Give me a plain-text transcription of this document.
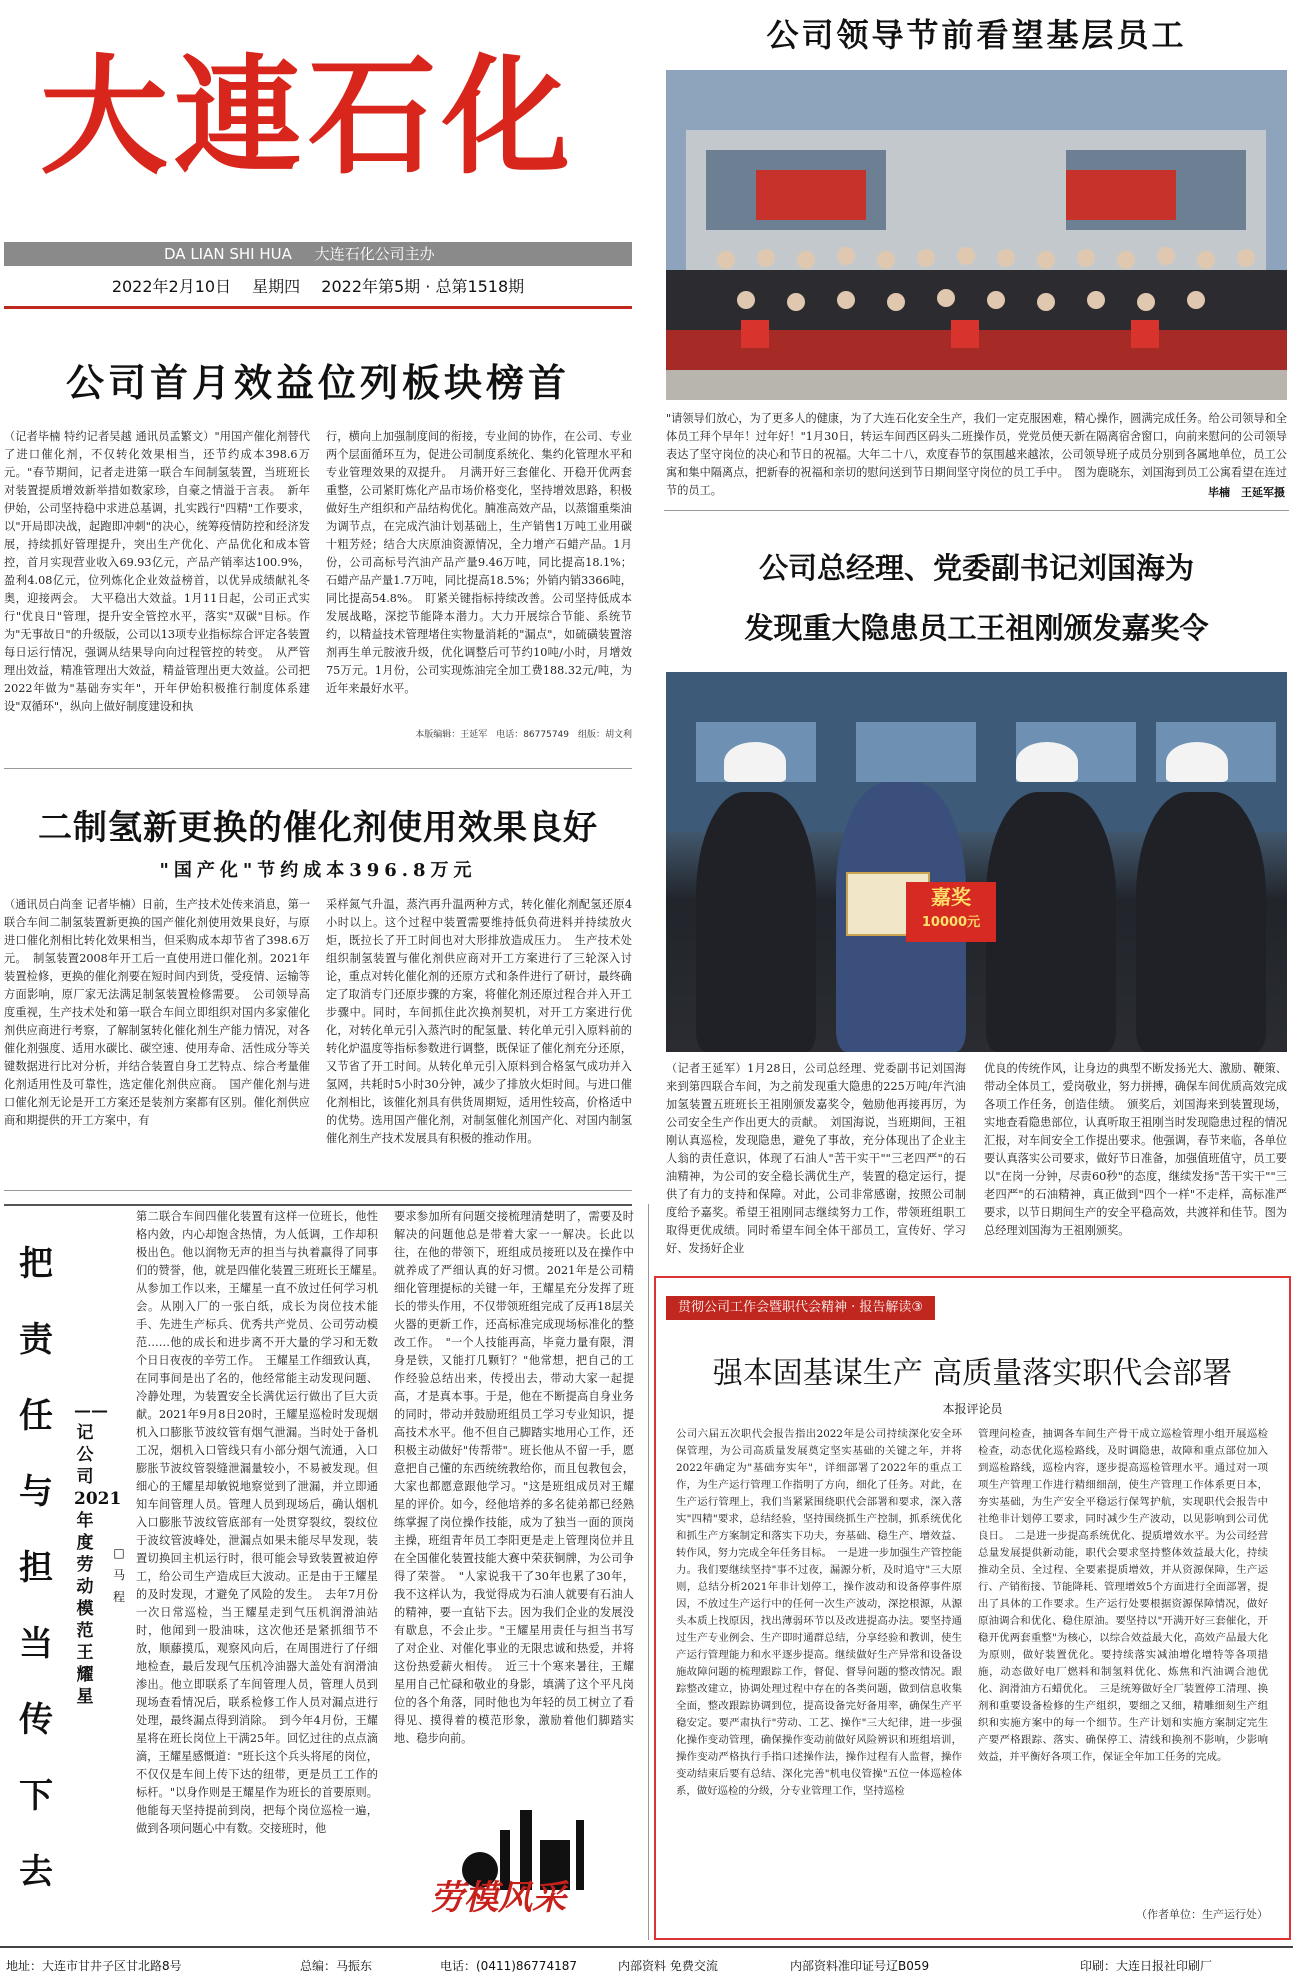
大連石化
DA LIAN SHI HUA 大连石化公司主办
2022年2月10日 星期四 2022年第5期 · 总第1518期
公司首月效益位列板块榜首
（记者毕楠 特约记者吴越 通讯员孟繁文）"用国产催化剂替代了进口催化剂，不仅转化效果相当，还节约成本398.6万元。"春节期间，记者走进第一联合车间制氢装置，当班班长对装置提质增效新举措如数家珍，自豪之情溢于言表。　新年伊始，公司坚持稳中求进总基调，扎实践行"四精"工作要求，以"开局即决战，起跑即冲刺"的决心，统筹疫情防控和经济发展，持续抓好管理提升，突出生产优化、产品优化和成本管控，首月实现营业收入69.93亿元，产品产销率达100.9%，盈利4.08亿元，位列炼化企业效益榜首，以优异成绩献礼冬奥，迎接两会。　大平稳出大效益。1月11日起，公司正式实行"优良日"管理，提升安全管控水平，落实"双碳"目标。作为"无事故日"的升级版，公司以13项专业指标综合评定各装置每日运行情况，强调从结果导向向过程管控的转变。　从严管理出效益，精准管理出大效益，精益管理出更大效益。公司把2022年做为"基础夯实年"，开年伊始积极推行制度体系建设"双循环"，纵向上做好制度建设和执
行，横向上加强制度间的衔接，专业间的协作，在公司、专业两个层面循环互为，促进公司制度系统化、集约化管理水平和专业管理效果的双提升。　月满开好三套催化、开稳开优两套重整，公司紧盯炼化产品市场价格变化，坚持增效思路，积极做好生产组织和产品结构优化。腩准高效产品，以蒸馏重柴油为调节点，在完成汽油计划基础上，生产销售1万吨工业用碳十粗芳烃；结合大庆原油资源情况，全力增产石蜡产品。1月份，公司高标号汽油产品产量9.46万吨，同比提高18.1%；石蜡产品产量1.7万吨，同比提高18.5%；外销内销3366吨，同比提高54.8%。　盯紧关键指标持续改善。公司坚持低成本发展战略，深挖节能降本潜力。大力开展综合节能、系统节约，以精益技术管理堵住实物量消耗的"漏点"，如硫磺装置溶剂再生单元胺液升级，优化调整后可节约10吨/小时，月增效75万元。1月份，公司实现炼油完全加工费188.32元/吨，为近年来最好水平。
本版编辑：王延军　电话：86775749　组版：胡文利
二制氢新更换的催化剂使用效果良好
"国产化"节约成本396.8万元
（通讯员白尚奎 记者毕楠）日前，生产技术处传来消息，第一联合车间二制氢装置新更换的国产催化剂使用效果良好，与原进口催化剂相比转化效果相当，但采购成本却节省了398.6万元。　制氢装置2008年开工后一直使用进口催化剂。2021年装置检修，更换的催化剂要在短时间内到货，受疫情、运输等方面影响，原厂家无法满足制氢装置检修需要。　公司领导高度重视，生产技术处和第一联合车间立即组织对国内多家催化剂供应商进行考察，了解制氢转化催化剂生产能力情况，对各催化剂强度、适用水碳比、碳空速、使用寿命、活性成分等关键数据进行比对分析，并结合装置自身工艺特点、综合考量催化剂适用性及可靠性，选定催化剂供应商。　国产催化剂与进口催化剂无论是开工方案还是装剂方案都有区别。催化剂供应商和期提供的开工方案中，有
采样氮气升温，蒸汽再升温两种方式，转化催化剂配氢还原4小时以上。这个过程中装置需要维持低负荷进料并持续放火炬，既拉长了开工时间也对大形排放造成压力。　生产技术处组织制氢装置与催化剂供应商对开工方案进行了三轮深入讨论，重点对转化催化剂的还原方式和条件进行了研讨，最终确定了取消专门还原步骤的方案，将催化剂还原过程合并入开工步骤中。同时，车间抓住此次换剂契机，对开工方案进行优化，对转化单元引入蒸汽时的配氢量、转化单元引入原料前的转化炉温度等指标参数进行调整，既保证了催化剂充分还原，又节省了开工时间。从转化单元引入原料到合格氢气成功并入氢网，共耗时5小时30分钟，减少了排放火炬时间。与进口催化剂相比，该催化剂具有供货周期短，适用性较高，价格适中的优势。选用国产催化剂，对制氢催化剂国产化、对国内制氢催化剂生产技术发展具有积极的推动作用。
公司领导节前看望基层员工
"请领导们放心，为了更多人的健康，为了大连石化安全生产，我们一定克服困难，精心操作，圆满完成任务。给公司领导和全体员工拜个早年！过年好！"1月30日，转运车间西区码头二班操作员，党党员便天新在隔离宿舍窗口，向前来慰问的公司领导表达了坚守岗位的决心和节日的祝福。大年二十八，欢度春节的氛围越来越浓，公司领导班子成员分别到各属地单位，员工公寓和集中隔离点，把新春的祝福和亲切的慰问送到节日期间坚守岗位的员工手中。　图为鹿晓东，刘国海到员工公寓看望在连过节的员工。	毕楠　王延军摄
公司总经理、党委副书记刘国海为
发现重大隐患员工王祖刚颁发嘉奖令
嘉奖
10000元
（记者王延军）1月28日，公司总经理、党委副书记刘国海来到第四联合车间，为之前发现重大隐患的225万吨/年汽油加氢装置五班班长王祖刚颁发嘉奖令，勉励他再接再厉，为公司安全生产作出更大的贡献。　刘国海说，当班期间，王祖刚认真巡检，发现隐患，避免了事故，充分体现出了企业主人翁的责任意识，体现了石油人"苦干实干""三老四严"的石油精神，为公司的安全稳长满优生产，装置的稳定运行，提供了有力的支持和保障。对此，公司非常感谢，按照公司制度给予嘉奖。希望王祖刚同志继续努力工作，带领班组职工取得更优成绩。同时希望车间全体干部员工，宣传好、学习好、发扬好企业
优良的传统作风，让身边的典型不断发扬光大、激励、鞭策、带动全体员工，爱岗敬业，努力拼搏，确保车间优质高效完成各项工作任务，创造佳绩。　颁奖后，刘国海来到装置现场，实地查看隐患部位，认真听取王祖刚当时发现隐患过程的情况汇报，对车间安全工作提出要求。他强调，春节来临，各单位要认真落实公司要求，做好节日准备，加强值班值守，员工要以"在岗一分钟，尽责60秒"的态度，继续发扬"苦干实干""三老四严"的石油精神，真正做到"四个一样"不走样，高标准严要求，以节日期间生产的安全平稳高效，共渡祥和佳节。图为总经理刘国海为王祖刚颁奖。
把
责
任
与
担
当
传
下
去
——记公司2021年度劳动模范王耀星
□ 马程
第二联合车间四催化装置有这样一位班长，他性格内敛，内心却饱含热情，为人低调，工作却积极出色。他以润物无声的担当与执着赢得了同事们的赞誉，他，就是四催化装置三班班长王耀星。　从参加工作以来，王耀星一直不放过任何学习机会。从刚入厂的一张白纸，成长为岗位技术能手、先进生产标兵、优秀共产党员、公司劳动模范……他的成长和进步离不开大量的学习和无数个日日夜夜的辛劳工作。　王耀星工作细致认真，在同事间是出了名的，他经常能主动发现问题、冷静处理，为装置安全长满优运行做出了巨大贡献。2021年9月8日20时，王耀星巡检时发现烟机入口膨胀节波纹管有烟气泄漏。当时处于备机工况，烟机入口管线只有小部分烟气流通，入口膨胀节波纹管裂缝泄漏量较小，不易被发现。但细心的王耀星却敏锐地察觉到了泄漏，并立即通知车间管理人员。管理人员到现场后，确认烟机入口膨胀节波纹管底部有一处贯穿裂纹，裂纹位于波纹管波峰处，泄漏点如果未能尽早发现，装置切换回主机运行时，很可能会导致装置被迫停工，给公司生产造成巨大波动。正是由于王耀星的及时发现，才避免了风险的发生。　去年7月份一次日常巡检，当王耀星走到气压机润滑油站时，他闻到一股油味，这次他还是紧抓细节不放，顺藤摸瓜，观察风向后，在周围进行了仔细地检查，最后发现气压机冷油器大盖处有润滑油渗出。他立即联系了车间管理人员，管理人员到现场查看情况后，联系检修工作人员对漏点进行处理，最终漏点得到消除。　到今年4月份，王耀星将在班长岗位上干满25年。回忆过往的点点滴滴，王耀星感慨道："班长这个兵头将尾的岗位，不仅仅是车间上传下达的纽带，更是员工工作的标杆。"以身作则是王耀星作为班长的首要原则。他能每天坚持提前到岗，把每个岗位巡检一遍，做到各项问题心中有数。交接班时，他
要求参加所有问题交接梳理清楚明了，需要及时解决的问题他总是带着大家一一解决。长此以往，在他的带领下，班组成员接班以及在操作中就养成了严细认真的好习惯。2021年是公司精细化管理提标的关键一年，王耀星充分发挥了班长的带头作用，不仅带领班组完成了反再18层关火器的更新工作，还高标准完成现场标准化的整改工作。　"一个人技能再高，毕竟力量有限，渭身是铁，又能打几颗钉？"他常想，把自己的工作经验总结出来，传授出去，带动大家一起提高，才是真本事。于是，他在不断提高自身业务的同时，带动并鼓励班组员工学习专业知识，提高技术水平。他不但自己脚踏实地用心工作，还积极主动做好"传帮带"。班长他从不留一手，愿意把自己懂的东西统统教给你，而且包教包会，大家也都愿意跟他学习。"这是班组成员对王耀星的评价。如今，经他培养的多名徒弟都已经熟练掌握了岗位操作技能，成为了独当一面的顶岗主操，班组青年员工李阳更是走上管理岗位并且在全国催化装置技能大赛中荣获铜牌，为公司争得了荣誉。　"人家说我干了30年也累了30年，我不这样认为，我觉得成为石油人就要有石油人的精神，要一直钻下去。因为我们企业的发展没有歇息，不会止步。"王耀星用责任与担当书写了对企业、对催化事业的无限忠诚和热爱，并将这份热爱薪火相传。　近三十个寒来暑往，王耀星用自己忙碌和敬业的身影，填满了这个平凡岗位的各个角落，同时他也为年轻的员工树立了看得见、摸得着的模范形象，激励着他们脚踏实地、稳步向前。
劳模风采
贯彻公司工作会暨职代会精神 · 报告解读③
强本固基谋生产 高质量落实职代会部署
本报评论员
公司六届五次职代会报告指出2022年是公司持续深化安全环保管理，为公司高质量发展奠定坚实基础的关键之年，并将2022年确定为"基础夯实年"，详细部署了2022年的重点工作，为生产运行管理工作指明了方向，细化了任务。对此，在生产运行管理上，我们当紧紧围绕职代会部署和要求，深入落实"四精"要求，总结经验，坚持围绕抓生产控制，抓系统优化和抓生产方案制定和落实下功夫，夯基础、稳生产、增效益、转作风，努力完成全年任务目标。　一是进一步加强生产管控能力。我们要继续坚持"事不过夜，漏源分析，及时追守"三大原则，总结分析2021年非计划停工，操作波动和设备停事件原因，不放过生产运行中的任何一次生产波动，深挖根源，从源头本质上找原因，找出薄弱环节以及改进提高办法。要坚持通过生产专业例会、生产即时通群总结，分享经验和教训，使生产运行管理能力和水平逐步提高。继续做好生产异常和设备设施故障问题的梳理跟踪工作，督促、督导问题的整改情况。跟踪整改建立，协调处理过程中存在的各类问题，做到信息收集全面，整改跟踪协调到位，提高设备完好备用率，确保生产平稳安定。要严肃执行"劳动、工艺、操作"三大纪律，进一步强化操作变动管理，确保操作变动前做好风险辨识和班组培训，操作变动严格执行手指口述操作法，操作过程有人监督，操作变动结束后要有总结、深化完善"机电仪管操"五位一体巡检体系，做好巡检的分级，分专业管理工作，坚持巡检
管理问检查，抽调各车间生产骨干成立巡检管理小组开展巡检检查，动态优化巡检路线，及时调隐患，故障和重点部位加入到巡检路线，巡检内容，逐步提高巡检管理水平。通过对一项项生产管理工作进行精细细剖，使生产管理工作体系更日本，夯实基础，为生产安全平稳运行保驾护航，实现职代会报告中社绝非计划停工要求，同时减少生产波动，以见影响到公司优良日。　二是进一步提高系统优化、提质增效水平。为公司经营总量发展提供新动能，职代会要求坚持整体效益最大化，持续推动全员、全过程、全要素提质增效，并从资源保障，生产运行、产销衔接、节能降耗、管理增效5个方面进行全面部署，提出了具体的工作要求。生产运行处要根据资源保障情况，做好原油调合和优化、稳住原油。要坚持以"开满开好三套催化，开稳开优两套重整"为核心，以综合效益最大化，高效产品最大化为原则，做好装置优化。要持续落实减油增化增特等各项措施，动态做好电厂燃料和制氢料优化、炼焦和汽油调合池优化、润滑油方石蜡优化。　三是统筹做好全厂装置停工清理、换剂和重要设备检修的生产组织，要细之又细，精雕细刻生产组织和实施方案中的每一个细节。生产计划和实施方案制定完生产要严格跟踪、落实、确保停工、清线和换剂不影响，少影响效益，并平衡好各项工作，保证全年加工任务的完成。
（作者单位：生产运行处）
地址：大连市甘井子区甘北路8号	总编：马振东	电话：(0411)86774187	内部资料 免费交流	内部资料准印证号辽B059	印刷：大连日报社印刷厂
